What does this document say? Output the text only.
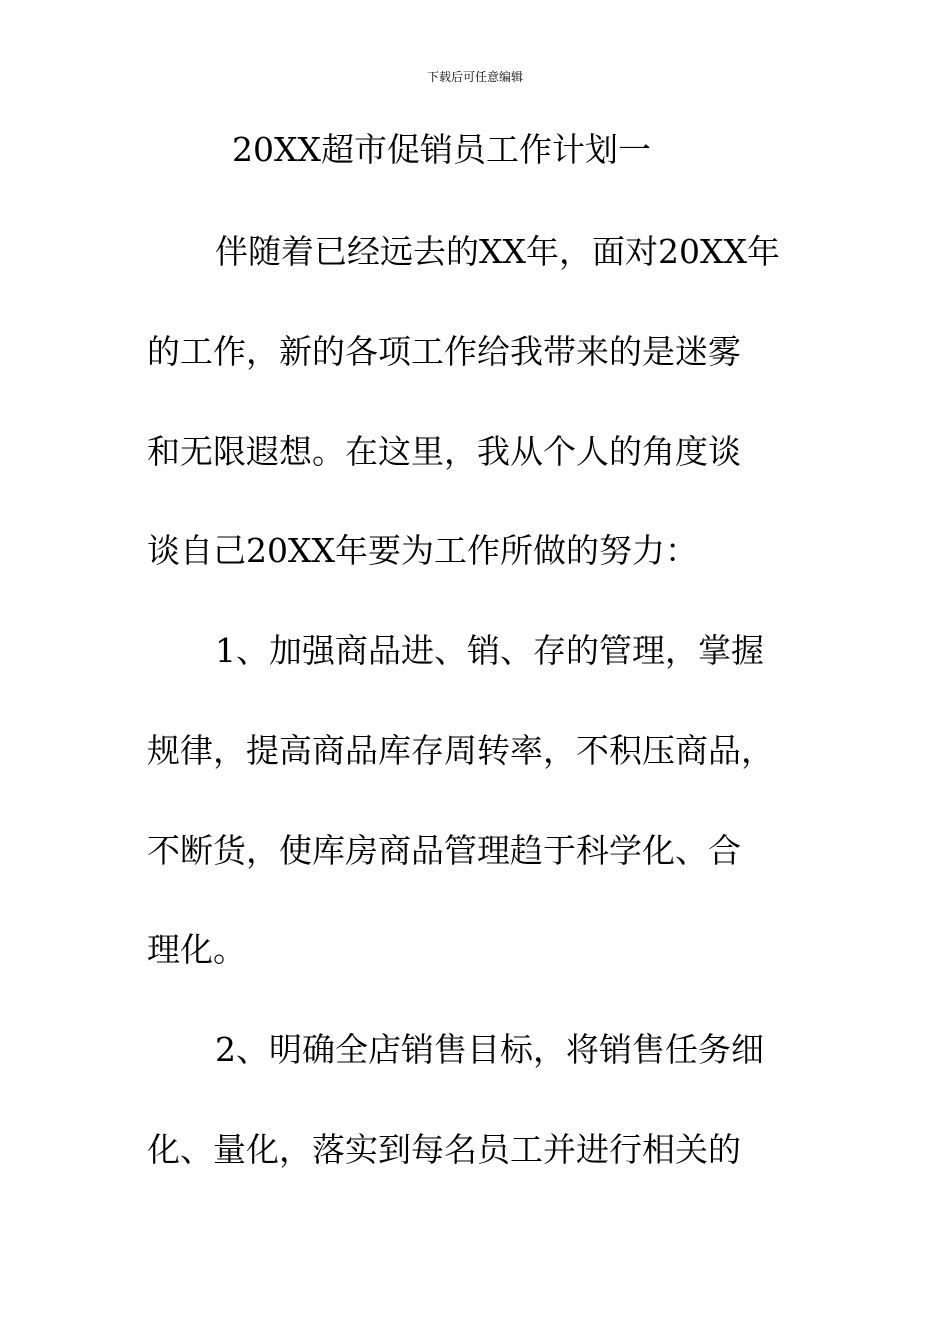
下载后可任意编辑
20XX超市促销员工作计划一
伴随着已经远去的XX年，面对20XX年
的工作，新的各项工作给我带来的是迷雾
和无限遐想。在这里，我从个人的角度谈
谈自己20XX年要为工作所做的努力：
1、加强商品进、销、存的管理，掌握
规律，提高商品库存周转率，不积压商品，
不断货，使库房商品管理趋于科学化、合
理化。
2、明确全店销售目标，将销售任务细
化、量化，落实到每名员工并进行相关的
